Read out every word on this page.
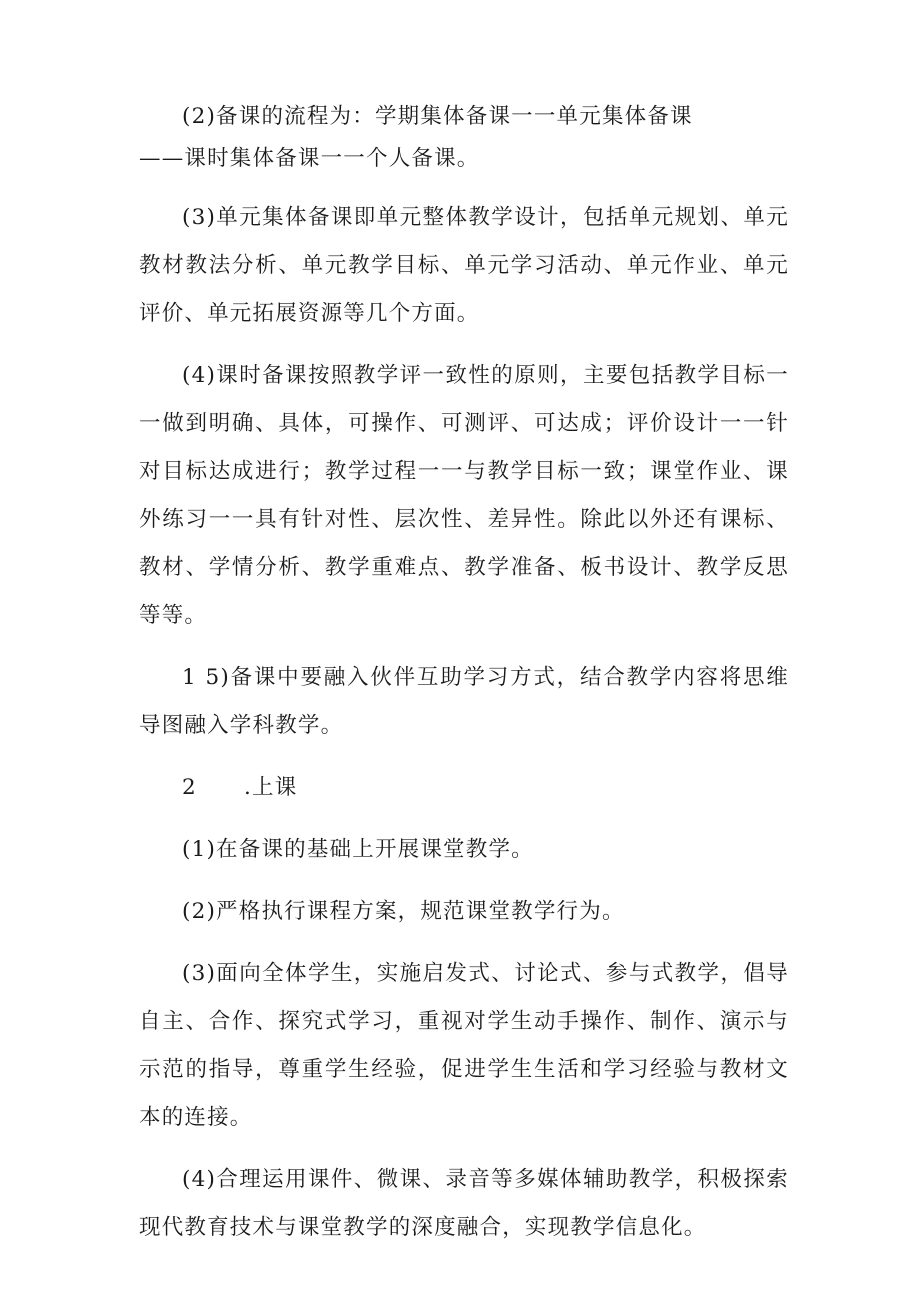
(2)备课的流程为：学期集体备课一一单元集体备课
——课时集体备课一一个人备课。

(3)单元集体备课即单元整体教学设计，包括单元规划、单元教材教法分析、单元教学目标、单元学习活动、单元作业、单元评价、单元拓展资源等几个方面。

(4)课时备课按照教学评一致性的原则，主要包括教学目标一一做到明确、具体，可操作、可测评、可达成；评价设计一一针对目标达成进行；教学过程一一与教学目标一致；课堂作业、课外练习一一具有针对性、层次性、差异性。除此以外还有课标、教材、学情分析、教学重难点、教学准备、板书设计、教学反思等等。

1 5)备课中要融入伙伴互助学习方式，结合教学内容将思维导图融入学科教学。

2 .上课

(1)在备课的基础上开展课堂教学。

(2)严格执行课程方案，规范课堂教学行为。

(3)面向全体学生，实施启发式、讨论式、参与式教学，倡导自主、合作、探究式学习，重视对学生动手操作、制作、演示与示范的指导，尊重学生经验，促进学生生活和学习经验与教材文本的连接。

(4)合理运用课件、微课、录音等多媒体辅助教学，积极探索现代教育技术与课堂教学的深度融合，实现教学信息化。
